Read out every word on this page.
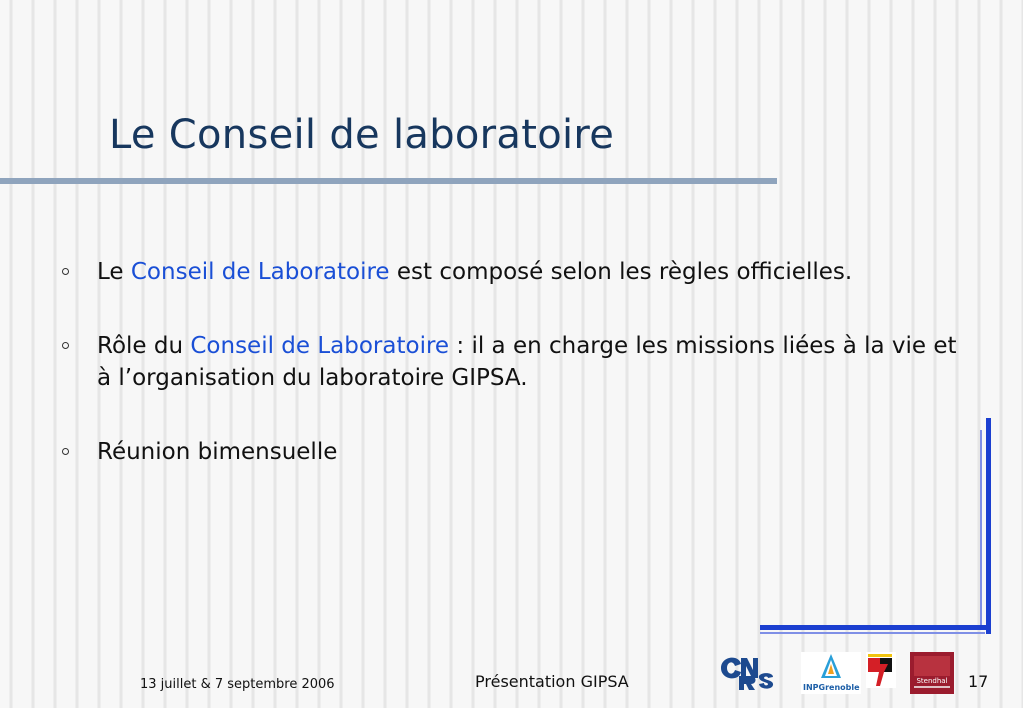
Le Conseil de laboratoire
Le Conseil de Laboratoire est composé selon les règles officielles.
Rôle du Conseil de Laboratoire : il a en charge les missions liées à la vie et à l’organisation du laboratoire GIPSA.
Réunion bimensuelle
13 juillet & 7 septembre 2006	Présentation GIPSA	17
INPGrenoble
Stendhal
